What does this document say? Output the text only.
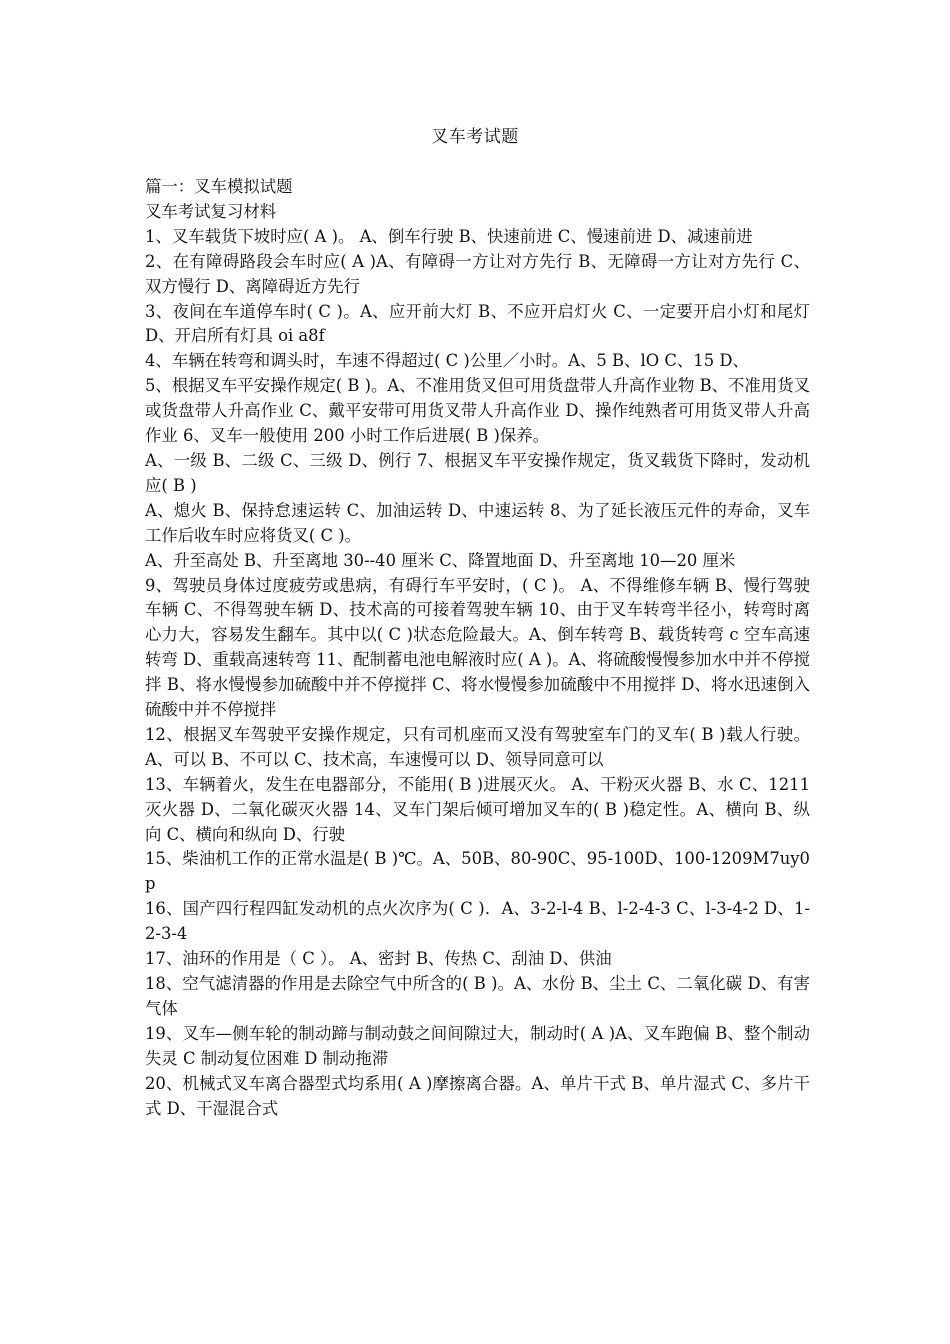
叉车考试题

篇一：叉车模拟试题

叉车考试复习材料

1、叉车载货下坡时应( A )。 A、倒车行驶 B、快速前进 C、慢速前进 D、减速前进

2、在有障碍路段会车时应( A )A、有障碍一方让对方先行 B、无障碍一方让对方先行 C、双方慢行 D、离障碍近方先行

3、夜间在车道停车时( C )。A、应开前大灯 B、不应开启灯火 C、一定要开启小灯和尾灯 D、开启所有灯具 oi a8f

4、车辆在转弯和调头时，车速不得超过( C )公里／小时。A、5 B、lO C、15 D、

5、根据叉车平安操作规定( B )。A、不准用货叉但可用货盘带人升高作业物 B、不准用货叉或货盘带人升高作业 C、戴平安带可用货叉带人升高作业 D、操作纯熟者可用货叉带人升高作业 6、叉车一般使用 200 小时工作后进展( B )保养。

A、一级 B、二级 C、三级 D、例行 7、根据叉车平安操作规定，货叉载货下降时，发动机应( B )

A、熄火 B、保持怠速运转 C、加油运转 D、中速运转 8、为了延长液压元件的寿命，叉车工作后收车时应将货叉( C )。

A、升至高处 B、升至离地 30--40 厘米 C、降置地面 D、升至离地 10—20 厘米

9、驾驶员身体过度疲劳或患病，有碍行车平安时，( C )。 A、不得维修车辆 B、慢行驾驶车辆 C、不得驾驶车辆 D、技术高的可接着驾驶车辆 10、由于叉车转弯半径小，转弯时离心力大，容易发生翻车。其中以( C )状态危险最大。A、倒车转弯 B、载货转弯 c 空车高速转弯 D、重载高速转弯 11、配制蓄电池电解液时应( A )。A、将硫酸慢慢参加水中并不停搅拌 B、将水慢慢参加硫酸中并不停搅拌 C、将水慢慢参加硫酸中不用搅拌 D、将水迅速倒入硫酸中并不停搅拌

12、根据叉车驾驶平安操作规定，只有司机座而又没有驾驶室车门的叉车( B )载人行驶。A、可以 B、不可以 C、技术高，车速慢可以 D、领导同意可以

13、车辆着火，发生在电器部分，不能用( B )进展灭火。 A、干粉灭火器 B、水 C、1211 灭火器 D、二氧化碳灭火器 14、叉车门架后倾可增加叉车的( B )稳定性。A、横向 B、纵向 C、横向和纵向 D、行驶

15、柴油机工作的正常水温是( B )℃。A、50B、80-90C、95-100D、100-1209M7uy0p

16、国产四行程四缸发动机的点火次序为( C )．A、3-2-l-4 B、l-2-4-3 C、l-3-4-2 D、1-2-3-4

17、油环的作用是（ C ）。 A、密封 B、传热 C、刮油 D、供油

18、空气滤清器的作用是去除空气中所含的( B )。A、水份 B、尘土 C、二氧化碳 D、有害气体

19、叉车—侧车轮的制动蹄与制动鼓之间间隙过大，制动时( A )A、叉车跑偏 B、整个制动失灵 C 制动复位困难 D 制动拖滞

20、机械式叉车离合器型式均系用( A )摩擦离合器。A、单片干式 B、单片湿式 C、多片干式 D、干湿混合式
